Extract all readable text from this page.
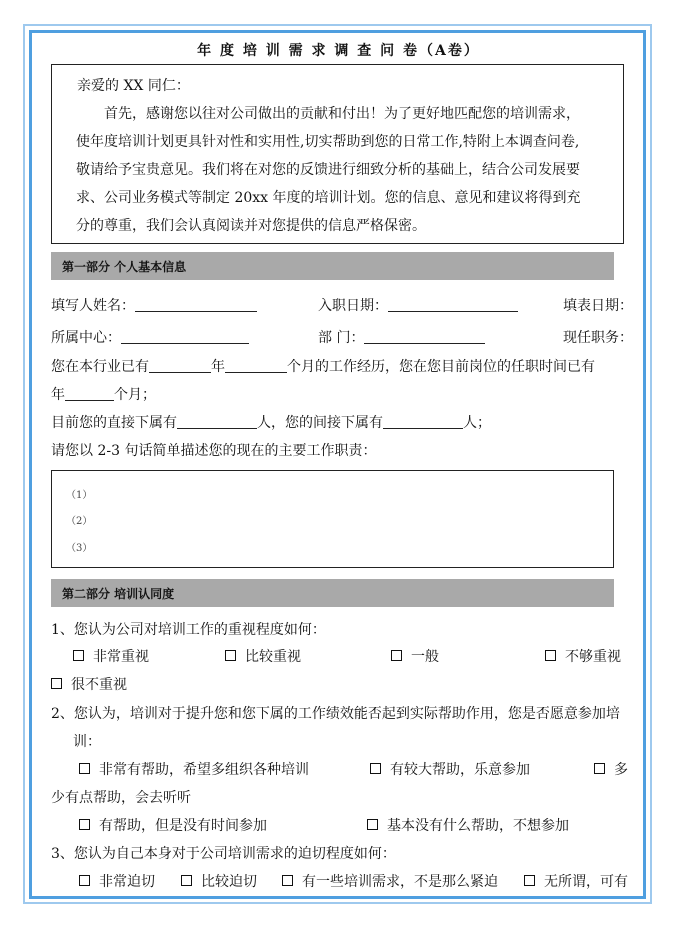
年 度 培 训 需 求 调 查 问 卷（A卷）
亲爱的 XX 同仁：
首先，感谢您以往对公司做出的贡献和付出！为了更好地匹配您的培训需求，
使年度培训计划更具针对性和实用性,切实帮助到您的日常工作,特附上本调查问卷,
敬请给予宝贵意见。我们将在对您的反馈进行细致分析的基础上，结合公司发展要
求、公司业务模式等制定 20xx 年度的培训计划。您的信息、意见和建议将得到充
分的尊重，我们会认真阅读并对您提供的信息严格保密。
第一部分 个人基本信息
填写人姓名：	入职日期：	填表日期：
所属中心：	部 门：	现任职务：
您在本行业已有	年	个月的工作经历，您在您目前岗位的任职时间已有
年	个月；
目前您的直接下属有	人，您的间接下属有	人；
请您以 2-3 句话简单描述您的现在的主要工作职责：
（1）
（2）
（3）
第二部分 培训认同度
1、您认为公司对培训工作的重视程度如何：
非常重视	比较重视	一般	不够重视
很不重视
2、您认为，培训对于提升您和您下属的工作绩效能否起到实际帮助作用，您是否愿意参加培
训：
非常有帮助，希望多组织各种培训	有较大帮助，乐意参加	多
少有点帮助，会去听听
有帮助，但是没有时间参加	基本没有什么帮助，不想参加
3、您认为自己本身对于公司培训需求的迫切程度如何：
非常迫切	比较迫切	有一些培训需求，不是那么紧迫	无所谓，可有
